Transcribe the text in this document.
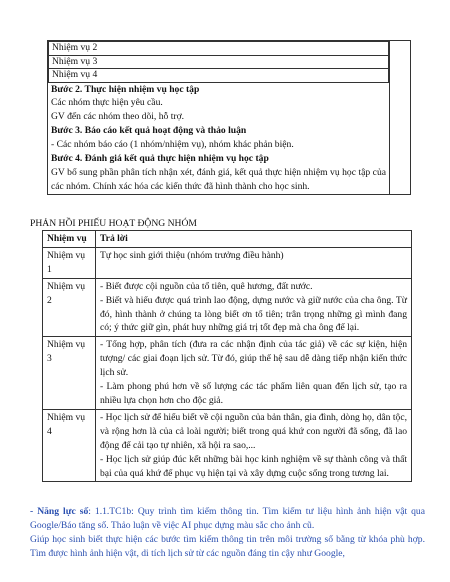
Nhiệm vụ 2
Nhiệm vụ 3
Nhiệm vụ 4
Bước 2. Thực hiện nhiệm vụ học tập
Các nhóm thực hiện yêu cầu.
GV đến các nhóm theo dõi, hỗ trợ.
Bước 3. Báo cáo kết quả hoạt động và thảo luận
- Các nhóm báo cáo (1 nhóm/nhiệm vụ), nhóm khác phản biện.
Bước 4. Đánh giá kết quả thực hiện nhiệm vụ học tập
GV bổ sung phần phân tích nhận xét, đánh giá, kết quả thực hiện nhiệm vụ học tập của các nhóm. Chính xác hóa các kiến thức đã hình thành cho học sinh.

PHẢN HỒI PHIẾU HOẠT ĐỘNG NHÓM
Nhiệm vụ	Trả lời
Nhiệm vụ 1	Tự học sinh giới thiệu (nhóm trưởng điều hành)

Nhiệm vụ 2	- Biết được cội nguồn của tổ tiên, quê hương, đất nước.
- Biết và hiểu được quá trình lao động, dựng nước và giữ nước của cha ông. Từ đó, hình thành ở chúng ta lòng biết ơn tổ tiên; trân trọng những gì mình đang có; ý thức giữ gìn, phát huy những giá trị tốt đẹp mà cha ông để lại.

Nhiệm vụ 3	- Tổng hợp, phân tích (đưa ra các nhận định của tác giả) về các sự kiện, hiện tượng/ các giai đoạn lịch sử. Từ đó, giúp thế hệ sau dễ dàng tiếp nhận kiến thức lịch sử.
- Làm phong phú hơn về số lượng các tác phẩm liên quan đến lịch sử, tạo ra nhiều lựa chọn hơn cho độc giả.

Nhiệm vụ 4	- Học lịch sử để hiểu biết về cội nguồn của bản thân, gia đình, dòng họ, dân tộc, và rộng hơn là của cả loài người; biết trong quá khứ con người đã sống, đã lao động để cải tạo tự nhiên, xã hội ra sao,...
- Học lịch sử giúp đúc kết những bài học kinh nghiệm về sự thành công và thất bại của quá khứ để phục vụ hiện tại và xây dựng cuộc sống trong tương lai.
- Năng lực số: 1.1.TC1b: Quy trình tìm kiếm thông tin. Tìm kiếm tư liệu hình ảnh hiện vật qua Google/Báo tăng số. Thảo luận về việc AI phục dựng màu sắc cho ảnh cũ.
Giúp học sinh biết thực hiện các bước tìm kiếm thông tin trên môi trường số bằng từ khóa phù hợp. Tìm được hình ảnh hiện vật, di tích lịch sử từ các nguồn đáng tin cậy như Google,
